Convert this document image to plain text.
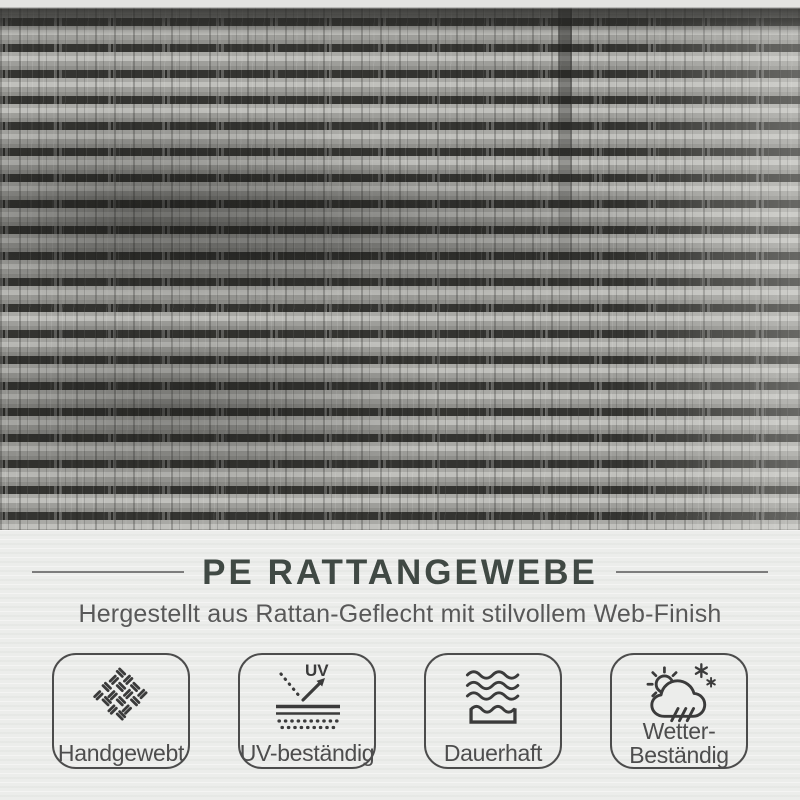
PE RATTANGEWEBE

Hergestellt aus Rattan-Geflecht mit stilvollem Web-Finish

Handgewebt
UV
UV-beständig	Dauerhaft
Wetter-
Beständig
